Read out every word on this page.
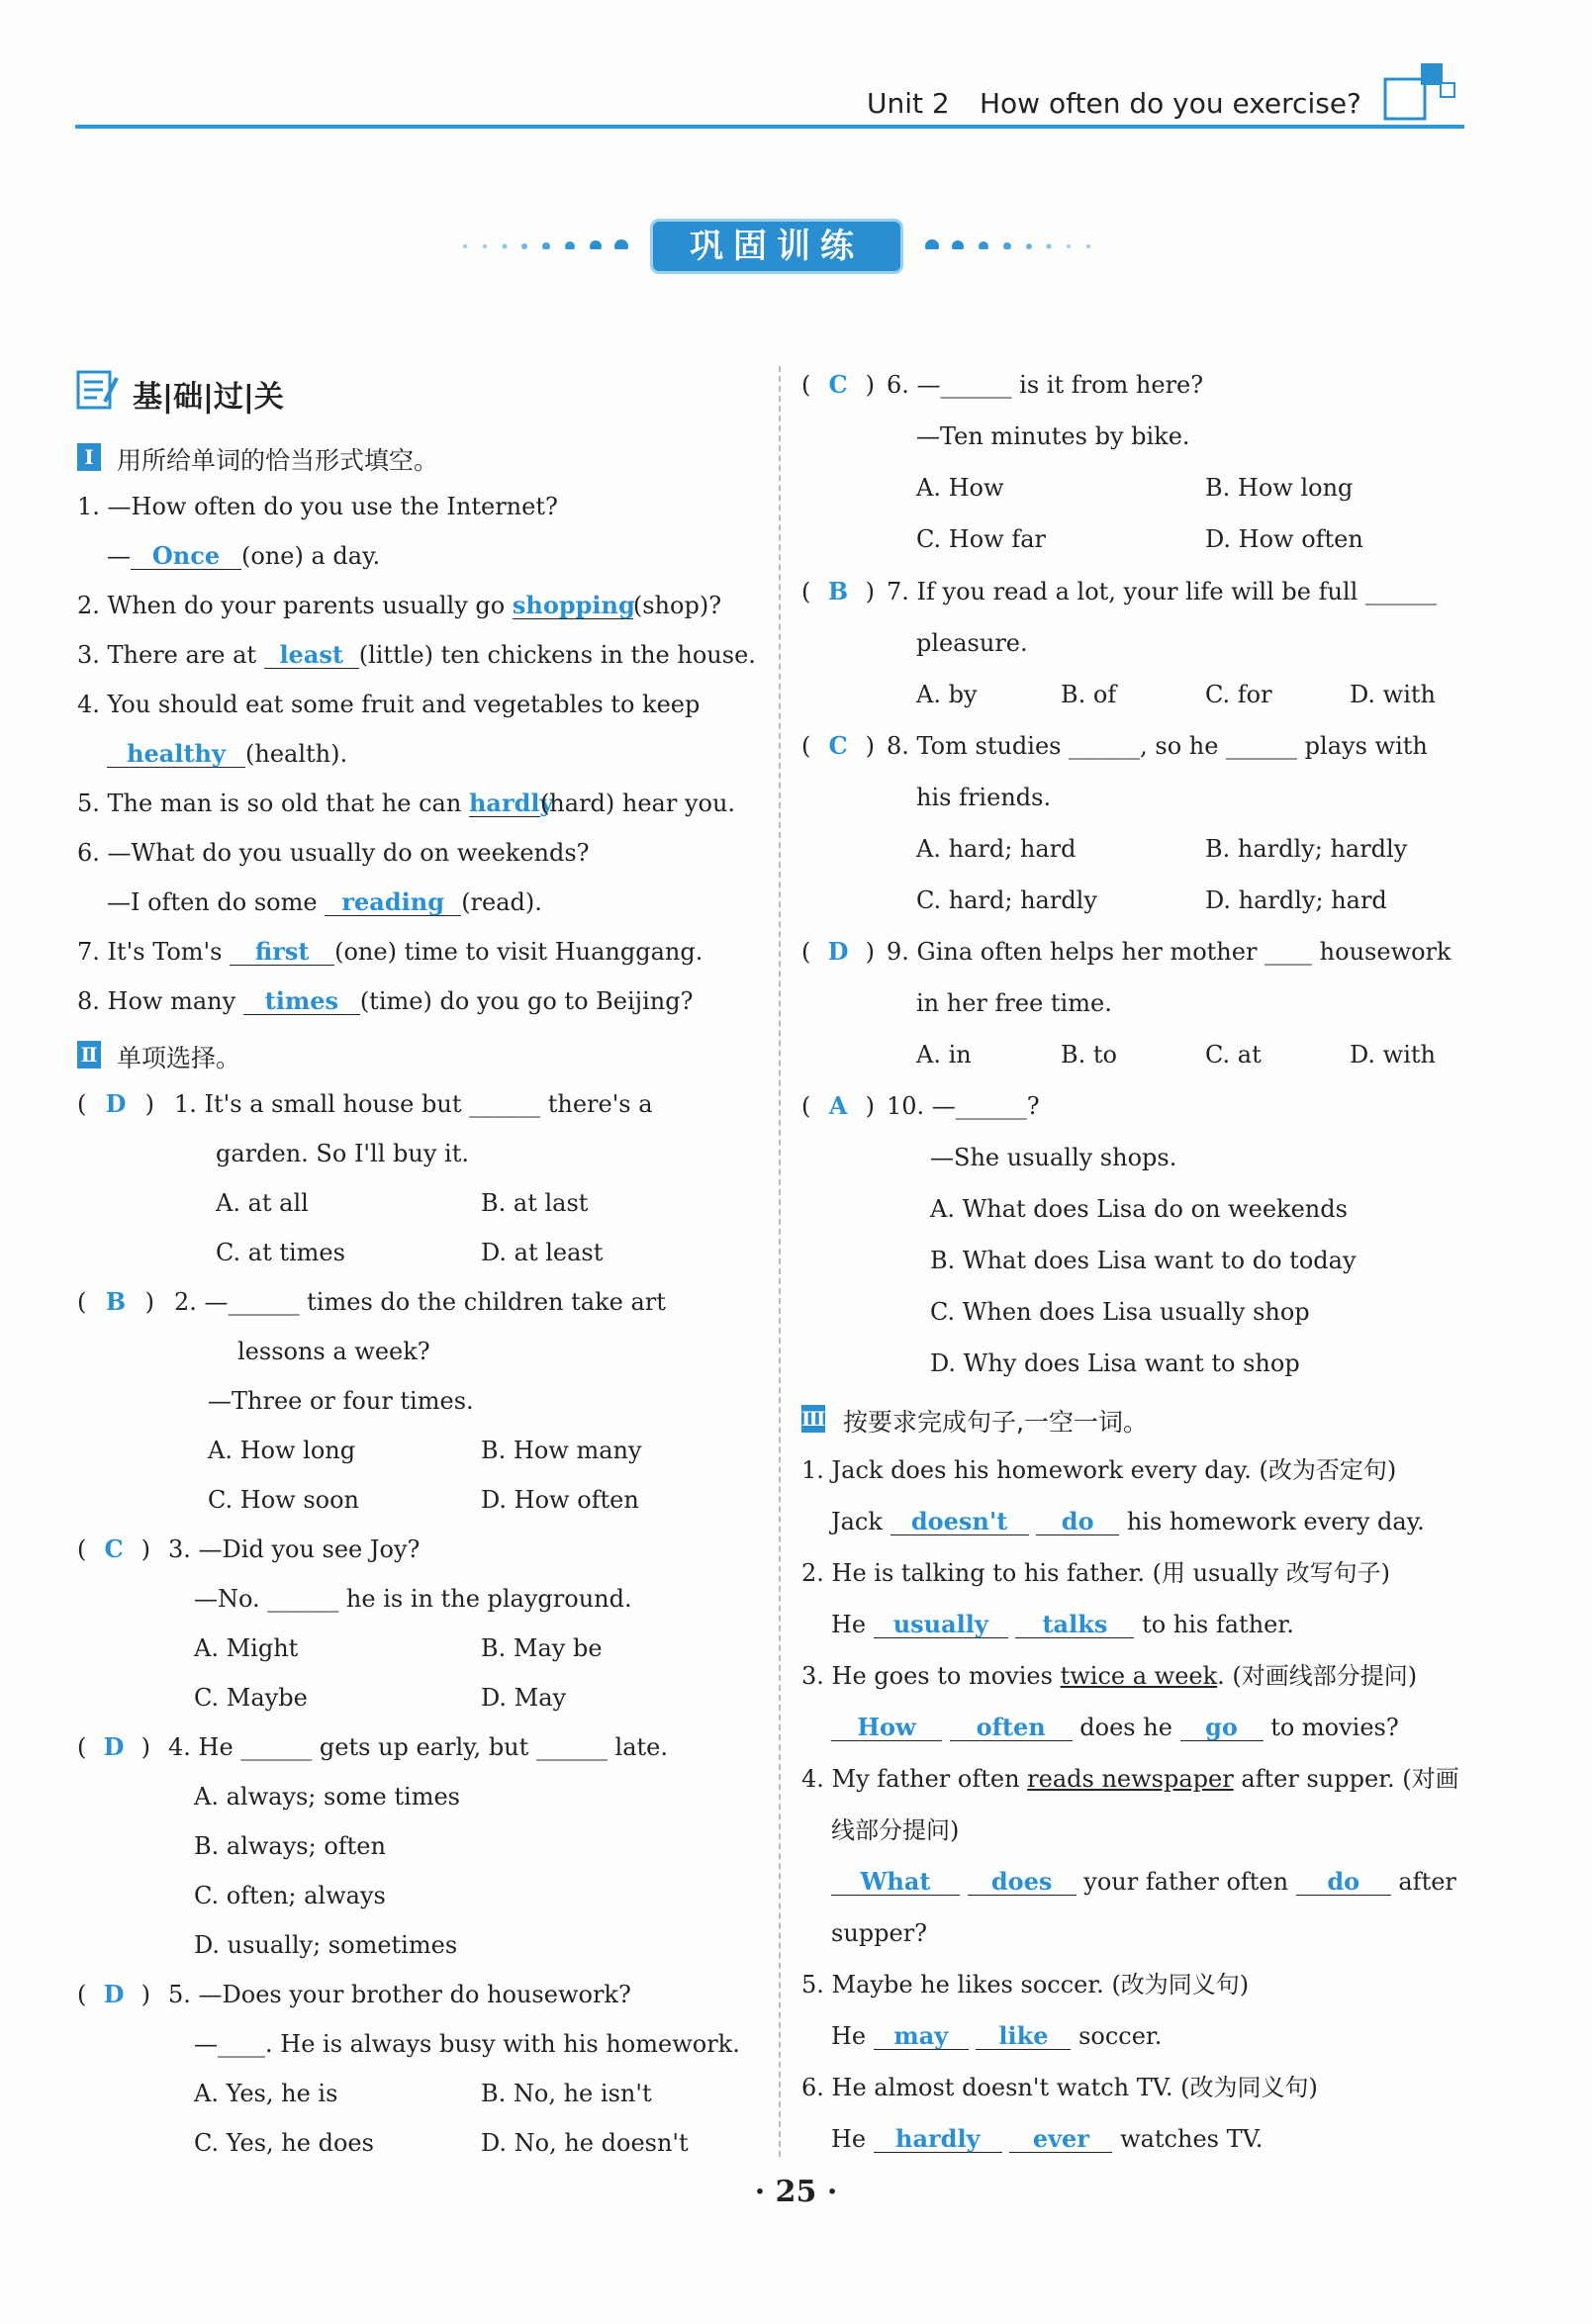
Unit 2 How often do you exercise?
巩固训练
基|础|过|关
Ⅰ 用所给单词的恰当形式填空。
1. —How often do you use the Internet?
— Once (one) a day.
2. When do your parents usually go shopping(shop)?
3. There are at least (little) ten chickens in the house.
4. You should eat some fruit and vegetables to keep
healthy (health).
5. The man is so old that he can hardly(hard) hear you.
6. —What do you usually do on weekends?
—I often do some reading (read).
7. It's Tom's first (one) time to visit Huanggang.
8. How many times (time) do you go to Beijing?
Ⅱ 单项选择。
( D ) 1. It's a small house but ______ there's a
garden. So I'll buy it.
A. at all	B. at last
C. at times	D. at least
( B ) 2. —______ times do the children take art
lessons a week?
—Three or four times.
A. How long	B. How many
C. How soon	D. How often
( C ) 3. —Did you see Joy?
—No. ______ he is in the playground.
A. Might	B. May be
C. Maybe	D. May
( D ) 4. He ______ gets up early, but ______ late.
A. always; some times
B. always; often
C. often; always
D. usually; sometimes
( D ) 5. —Does your brother do housework?
—____. He is always busy with his homework.
A. Yes, he is	B. No, he isn't
C. Yes, he does	D. No, he doesn't
( C ) 6. —______ is it from here?
—Ten minutes by bike.
A. How	B. How long
C. How far	D. How often
( B ) 7. If you read a lot, your life will be full ______
pleasure.
A. by	B. of	C. for	D. with
( C ) 8. Tom studies ______, so he ______ plays with
his friends.
A. hard; hard	B. hardly; hardly
C. hard; hardly	D. hardly; hard
( D ) 9. Gina often helps her mother ____ housework
in her free time.
A. in	B. to	C. at	D. with
( A ) 10. —______?
—She usually shops.
A. What does Lisa do on weekends
B. What does Lisa want to do today
C. When does Lisa usually shop
D. Why does Lisa want to shop
Ⅲ 按要求完成句子,一空一词。
1. Jack does his homework every day. (改为否定句)
Jack doesn't do his homework every day.
2. He is talking to his father. (用 usually 改写句子)
He usually talks to his father.
3. He goes to movies twice a week. (对画线部分提问)
How	often does he go to movies?
4. My father often reads newspaper after supper. (对画
线部分提问)
What	does your father often do after
supper?
5. Maybe he likes soccer. (改为同义句)
He may like soccer.
6. He almost doesn't watch TV. (改为同义句)
He hardly ever watches TV.
· 25 ·
